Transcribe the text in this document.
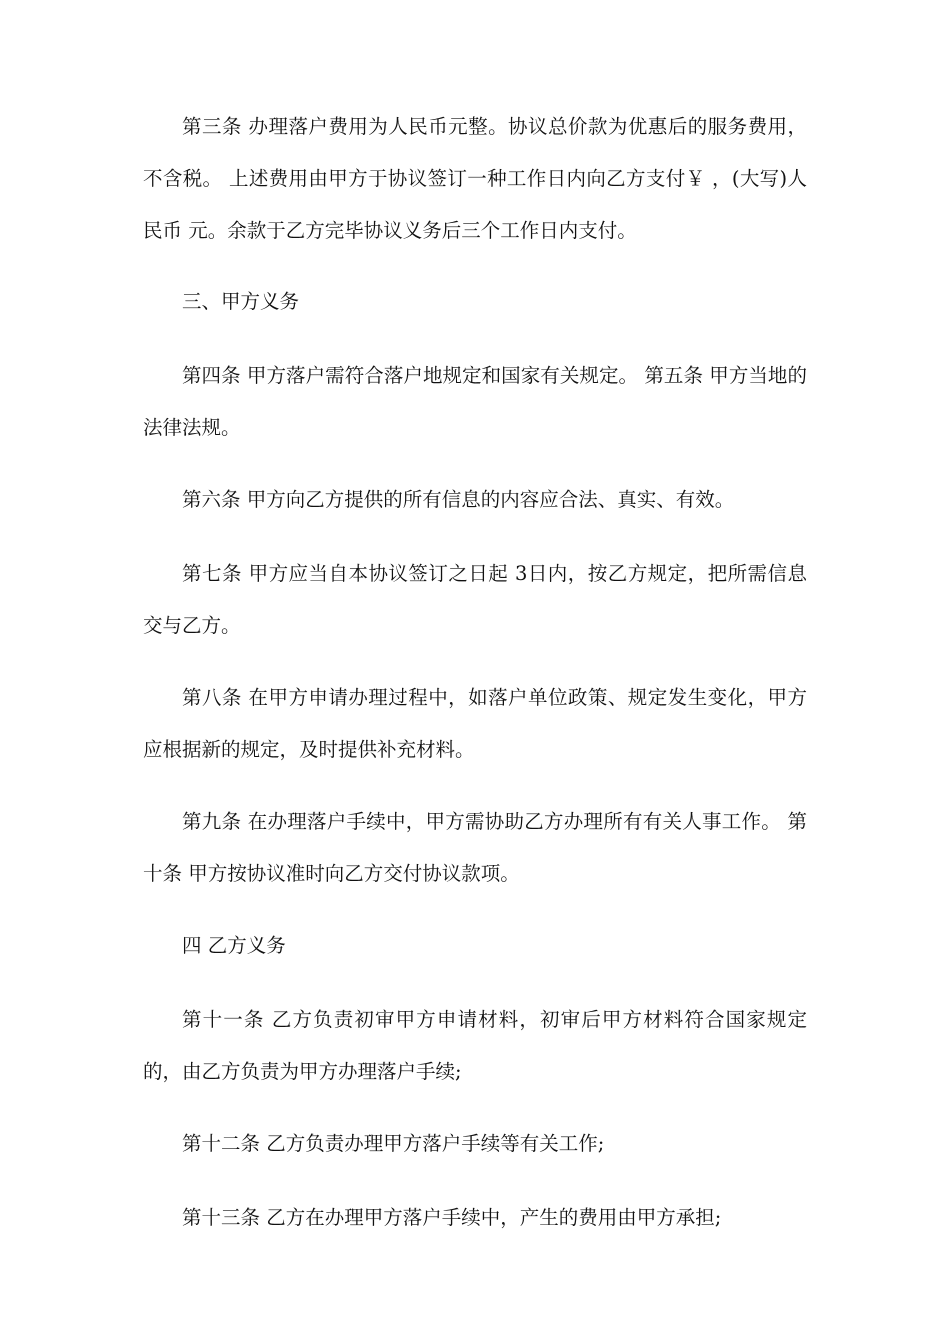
第三条 办理落户费用为人民币元整。协议总价款为优惠后的服务费用，不含税。 上述费用由甲方于协议签订一种工作日内向乙方支付￥ ，(大写)人民币 元。余款于乙方完毕协议义务后三个工作日内支付。

三、甲方义务

第四条 甲方落户需符合落户地规定和国家有关规定。 第五条 甲方当地的法律法规。

第六条 甲方向乙方提供的所有信息的内容应合法、真实、有效。

第七条 甲方应当自本协议签订之日起 3日内，按乙方规定，把所需信息交与乙方。

第八条 在甲方申请办理过程中，如落户单位政策、规定发生变化，甲方应根据新的规定，及时提供补充材料。

第九条 在办理落户手续中，甲方需协助乙方办理所有有关人事工作。 第十条 甲方按协议准时向乙方交付协议款项。

四 乙方义务

第十一条 乙方负责初审甲方申请材料，初审后甲方材料符合国家规定的，由乙方负责为甲方办理落户手续;

第十二条 乙方负责办理甲方落户手续等有关工作;

第十三条 乙方在办理甲方落户手续中，产生的费用由甲方承担;
